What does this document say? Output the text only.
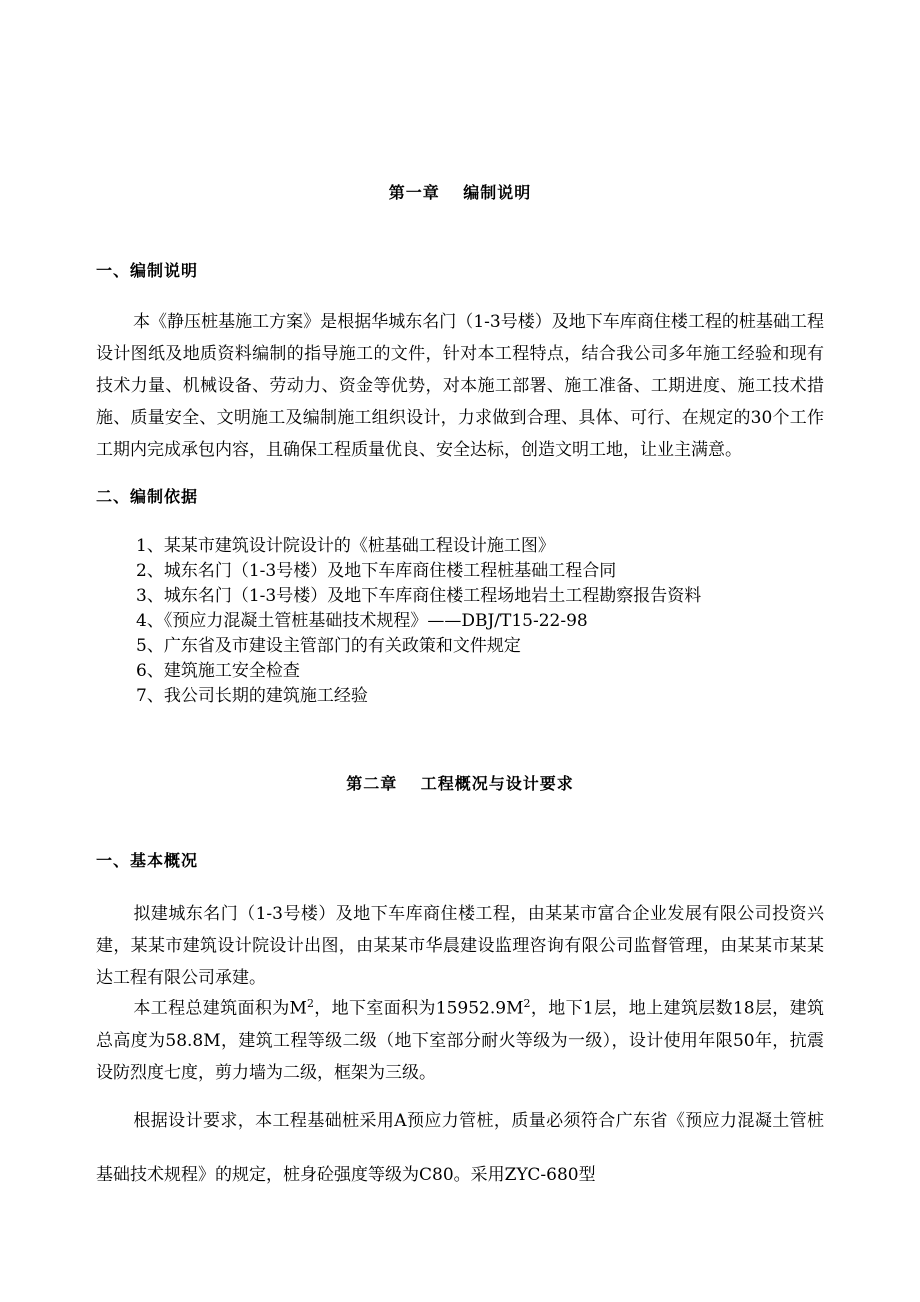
第一章　 编制说明
一、编制说明
本《静压桩基施工方案》是根据华城东名门（1-3号楼）及地下车库商住楼工程的桩基础工程设计图纸及地质资料编制的指导施工的文件，针对本工程特点，结合我公司多年施工经验和现有技术力量、机械设备、劳动力、资金等优势，对本施工部署、施工准备、工期进度、施工技术措施、质量安全、文明施工及编制施工组织设计，力求做到合理、具体、可行、在规定的30个工作工期内完成承包内容，且确保工程质量优良、安全达标，创造文明工地，让业主满意。
二、编制依据
1、某某市建筑设计院设计的《桩基础工程设计施工图》
2、城东名门（1-3号楼）及地下车库商住楼工程桩基础工程合同
3、城东名门（1-3号楼）及地下车库商住楼工程场地岩土工程勘察报告资料
4、《预应力混凝土管桩基础技术规程》——DBJ/T15-22-98
5、广东省及市建设主管部门的有关政策和文件规定
6、建筑施工安全检查
7、我公司长期的建筑施工经验
第二章　 工程概况与设计要求
一、基本概况
拟建城东名门（1-3号楼）及地下车库商住楼工程，由某某市富合企业发展有限公司投资兴建，某某市建筑设计院设计出图，由某某市华晨建设监理咨询有限公司监督管理，由某某市某某达工程有限公司承建。
本工程总建筑面积为$M^2$，地下室面积为$15952.9M^2$，地下1层，地上建筑层数18层，建筑总高度为58.8M，建筑工程等级二级（地下室部分耐火等级为一级），设计使用年限50年，抗震设防烈度七度，剪力墙为二级，框架为三级。
根据设计要求，本工程基础桩采用A预应力管桩，质量必须符合广东省《预应力混凝土管桩基础技术规程》的规定，桩身砼强度等级为C80。采用ZYC-680型
